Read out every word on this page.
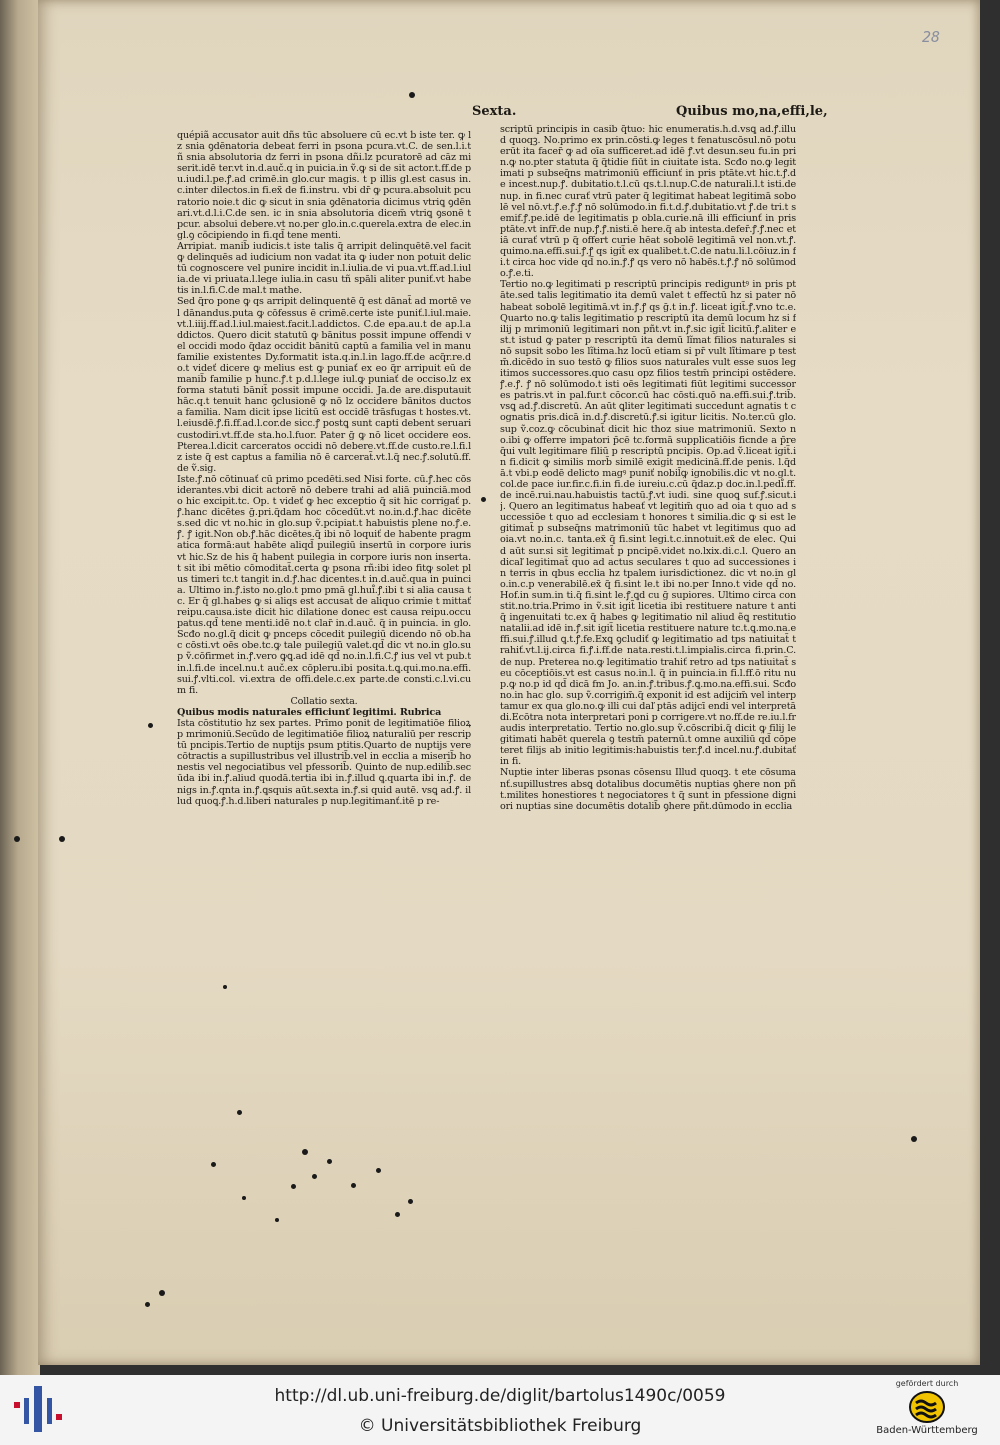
28
Sexta.	Quibus mo,na,effi,le,

quépiã accusator auit dñs tūc absoluere cū ec.vt̃ ḃ iste ter. ꝙ lz snia ꝯdēnatoria debeat ferri in psona pcura.vt.C. de sen.l.i.tñ snia absolutoria dz ferri in psona dñi.lz pcuratorē ad cāz miserit.idē ter.vt in.d.auč.q in puicia.in ṽ.ꝙ si de sit actor.t.ff.de pu.iudi.l.pe.ꝭ.ad crimē.in glo.cur magis. t p illis gl.est casus in.c.inter dilectos.in fi.ex̃ de fi.instru. vbi dr̄ ꝙ pcura.absoluit pcuratorio noie.t dic ꝙ sicut in snia ꝯdēnatoria dicimus vtriꝗ ꝯdēnari.vt.d.l.i.C.de sen. ic in snia absolutoria dicem̃ vtriꝗ ꝯsonē t pcur. absolui debere.vt no.per glo.in.c.querela.extra de elec.in gl.ꝯ cōcipiendo in fi.qd̃ tene menti.

Arripiat. manib̃ iudicis.t iste talis q̃ arripit delinquētē.vel facit ꝙ delinquēs ad iudicium non vadat ita ꝙ iuder non potuit delictū cognoscere vel punire incidit in.l.iulia.de vi pua.vt.ff.ad.l.iulia.de vi priuata.l.lege iulia.in casu tñ spāli aliter puniť.vt habetis in.l.fi.C.de mal.t mathe.

Sed q̃ro pone ꝙ qs arripit delinquentē q̃ est dānat̃ ad mortē vel dānandus.puta ꝙ cōfessus ē crimē.certe iste puniť.l.iul.maie.vt.l.iiij.ff.ad.l.iul.maiest.facit.l.addictos. C.de epa.au.t de ap.l.addictos. Quero dicit statutū ꝙ bānitus possit impune offendi vel occidi modo q̃daz occidit bānitū captū a familia vel in manu familie existentes Dy.formatit ista.q.in.l.in lago.ff.de acq̃r.re.do.t videť dicere ꝙ melius est ꝙ puniať ex eo q̃r arripuit eū de manib̃ familie p hunc.ꝭ.t p.d.l.lege iul.ꝙ puniať de occiso.lz ex forma statuti bānit̃ possit impune occidi. Ja.de are.disputauit hāc.q.t tenuit hanc ꝯclusionē ꝙ nō lz occidere bānitos ductos a familia. Nam dicit ipse licitū est occidē trāsfugas t hostes.vt.l.eiusdē.ꝭ.fi.ff.ad.l.cor.de sicc.ꝭ postꝗ sunt capti debent seruari custodiri.vt.ff.de sta.ho.l.fuor. Pater ḡ ꝙ nō licet occidere eos.Pterea.l.dicit carceratos occidi nō debere.vt.ff.de custo.re.l.fi.lz iste q̃ est captus a familia nō ē carcerat̃.vt.l.q̃ nec.ꝭ.solutū.ff.de ṽ.sig.

Iste.ꝭ.nō cōtinuať cū primo pcedēti.sed Nisi forte. cū.ꝭ.hec cōsiderantes.vbi dicit actorē nō debere trahi ad aliā puinciā.modo hic excipit.tc. Op. t videť ꝙ hec exceptio q̃ sit hic corrigať p.ꝭ.hanc dicētes ḡ.pri.q̃dam hoc cōcedūt.vt no.in.d.ꝭ.hac dicētes.sed dic vt no.hic in glo.sup ṽ.pcipiat.t habuistis plene no.ꝭ.e.ꝭ. ꝭ igit.Non ob.ꝭ.hāc dicētes.q̃ ibi nō loquiť de habente pragmatica formā:aut habēte aliqd̃ puilegiū insertū in corpore iuris vt hic.Sz de his q̃ habent puilegia in corpore iuris non inserta.t sit ibi mētio cōmoditat̃.certa ꝙ psona rñ:ibi ideo fitꝙ solet plus timeri tc.t tangit in.d.ꝭ.hac dicentes.t in.d.auč.qua in puincia. Ultimo in.ꝭ.isto no.glo.t pmo pmā gl.hui̊.ꝭ.ibi t si alia causa tc. Er q̄ gl.habes ꝙ si aliqs est accusat̃ de aliquo crimie t mittať reipu.causa.iste dicit hic dilatione donec est causa reipu.occupatus.qd̃ tene menti.idē no.t clar̃ in.d.auč. q̃ in puincia. in glo. Scđo no.gl.q̃ dicit ꝙ pnceps cōcedit puilegiū dicendo nō ob.hac cōsti.vt oēs obe.tc.ꝙ tale puilegiū valet.qd̃ dic vt no.in glo.sup ṽ.cōfirmet in.ꝭ.vero ꝙꝗ.ad idē qd̃ no.in.l.fi.C.ꝭ ius vel vt pub.t in.l.fi.de incel.nu.t auč.ex cōpleru.ibi posita.t.ꝗ.qui.mo.na.effi.sui.ꝭ.vlti.col. vi.extra de offi.dele.c.ex parte.de consti.c.l.vi.cum fi.

Collatio sexta.

Quibus modis naturales efficiunť legitimi. Rubrica

Ista cōstitutio hz sex partes. Prīmo ponit de legitimatiōe filioꝝ p mrimoniū.Secūdo de legitimatiōe filioꝝ naturaliū per rescriptū pncipis.Tertio de nuptijs psum ptitis.Quarto de nuptijs vere cōtractis a supillustribus vel illustrib̃.vel in ecclia a miserib̃ honestis vel negociatibus vel pfessorib̃. Quinto de nup.edilib̃.secūda ibi in.ꝭ.aliud quodā.tertia ibi in.ꝭ.illud ꝗ.quarta ibi in.ꝭ. denigs in.ꝭ.qnta in.ꝭ.ꝗsquis aūt.sexta in.ꝭ.si quid autē. vsꝗ ad.ꝭ. illud quoꝗ.ꝭ.h.d.liberi naturales p nup.legitimanť.itē p re-

scriptū principis in casib̃ q̃tuo: hic enumeratis.h.d.vsꝗ ad.ꝭ.illud quoqꝫ. No.primo ex prin.cōsti.ꝙ leges t fenatuscōsul.nō potuerūt ita facer̃ ꝙ ad oīa sufficeret.ad idē ꝭ.vt desun.seu fu.in prin.ꝙ no.pter statuta q̃ q̃tidie fiūt in ciuitate ista. Scđo no.ꝙ legitimati p subseq̄ns matrimoniū efficiunť in pris ptāte.vt hic.t.ꝭ.de incest.nup.ꝭ. dubitatio.t.l.cū qs.t.l.nup.C.de naturali.l.t isti.de nup. in fi.nec curať vtrū pater q̃ legitimat habeat legitimā sobolē vel nō.vt.ꝭ.e.ꝭ.ꝭ nō solūmodo.in fi.t.d.ꝭ.dubitatio.vt ꝭ.de tri.t semif.ꝭ.pe.idē de legitimatis p obla.curie.nā illi efficiunť in pris ptāte.vt infr̃.de nup.ꝭ.ꝭ.nisti.ē here.q̃ ab intesta.defer̄.ꝭ.ꝭ.nec etiā curať vtrū p q̃ offert curie hēat sobolē legitimā vel non.vt.ꝭ.quimo.na.effi.sui.ꝭ.ꝭ qs igit̃ ex qualibet.t.C.de natu.li.l.cōiuz.in fi.t circa hoc vide qd̃ no.in.ꝭ.ꝭ qs vero nō habēs.t.ꝭ.ꝭ nō solūmodo.ꝭ.e.ti.

Tertio no.ꝙ legitimati p rescriptū principis rediguntꝰ in pris ptāte.sed talis legitimatio ita demū valet t effectū hz si pater nō habeat sobolē legitimā.vt in.ꝭ.ꝭ qs ḡ.t in.ꝭ. liceat igit̃.ꝭ.vno tc.e. Quarto no.ꝙ talis legitimatio p rescriptū ita demū locum hz si filij p mrimoniū legitimari non pñt.vt in.ꝭ.sic igit̃ licitū.ꝭ.aliter est.t istud ꝙ pater p rescriptū ita demū lĩmat filios naturales si nō supsit sobo les lĩtima.hz locū etiam si pr̄ vult lĩtimare p testm̄.dicēdo in suo testō ꝙ filios suos naturales vult esse suos legitimos successores.quo casu opz filios testm̄ principi ostēdere.ꝭ.e.ꝭ. ꝭ nō solūmodo.t isti oēs legitimati fiūt legitimi successores patris.vt in pal.fur.t cōcor.cū hac cōsti.quō na.effi.sui.ꝭ.trib̃.vsꝗ ad.ꝭ.discretū. An aūt ꝗliter legitimati succedunt agnatis t cognatis pris.dicā in.d.ꝭ.discretū.ꝭ.si igitur licitis. No.ter.cū glo.sup ṽ.coz.ꝙ cōcubinat̃ dicit hic thoz siue matrimoniū. Sexto no.ibi ꝙ offerre impatori p̄cē tc.formā supplicatiōis ficnde a p̄re q̄ui vult legitimare filiū p rescriptū pncipis. Op.ad ṽ.liceat igit̃.in fi.dicit ꝙ similis morb̃ similē exigit medicinā.ff.de penis. l.q̃dā.t vbi.p eodē delicto magꝰ puniť nobil̃ꝙ ignobilis.dic vt no.gl.t.col.de pace iur.fir.c.fi.in fi.de iureiu.c.cū q̃daz.p doc.in.l.pedi̊.ff.de incē.rui.nau.habuistis tactū.ꝭ.vt iudi. sine quoꝗ suf.ꝭ.sicut.ij. Quero an legitimatus habeať vt legitim̃ quo ad oia t quo ad successiōe t quo ad ecclesiam t honores t similia.dic ꝙ si est legitimat̃ p subseq̄ns matrimoniū tūc habet vt legitimus quo ad oia.vt no.in.c. tanta.ex̃ q̃ fi.sint legi.t.c.innotuit.ex̃ de elec. Quid aūt sur.si sit legitimat̃ p pncipē.videt no.lxix.di.c.l. Quero an dicaľ legitimat̃ quo ad actus seculares t quo ad successiones in terris in qbus ecclia hz tpalem iurisdictionez. dic vt no.in glo.in.c.p venerabilē.ex̃ q̃ fi.sint le.t ibi no.per Inno.t vide qd̃ no.Hof.in sum.in ti.q̃ fi.sint le.ꝭ.ꝗd cu ḡ supiores. Ultimo circa constit.no.tria.Primo in ṽ.sit igit̃ licetia ibi restituere nature t antiq̄ ingenuitati tc.ex q̄ habes ꝙ legitimatio nil aliud ẽꝗ restitutio natalii.ad idē in.ꝭ.sit igit̃ licetia restituere nature tc.t.ꝗ.mo.na.effi.sui.ꝭ.illud ꝗ.t.ꝭ.fe.Exꝗ ꝯcludiť ꝙ legitimatio ad tps natiuitat̃ trahiť.vt.l.ij.circa fi.ꝭ.i.ff.de nata.resti.t.l.impialis.circa fi.prin.C.de nup. Preterea no.ꝙ legitimatio trahiť retro ad tps natiuitat̃ seu cōceptiōis.vt est casus no.in.l. q̃ in puincia.in fi.l.ff.ō ritu nup.ꝙ no.p id qd̃ dicā fm Jo. an.in.ꝭ.tribus.ꝭ.ꝗ.mo.na.effi.sui. Scđo no.in hac glo. sup ṽ.corrigim̃.q̃ exponit id est adijcim̃ vel interptamur ex qua glo.no.ꝙ illi cui daľ ptās adijcī endi vel interpretādi.Ecōtra nota interpretari poni p corrigere.vt no.ff.de re.iu.l.fraudis interpretatio. Tertio no.glo.sup ṽ.cōscribi.q̃ dicit ꝙ filij legitimati habēt querela ꝯ testm̄ paternū.t omne auxiliū qd̃ cōpeteret filijs ab initio legitimis:habuistis ter.ꝭ.d incel.nu.ꝭ.dubitať in fi.

Nuptie inter liberas psonas cōsensu Illud quoqꝫ. t ete cōsumanť.supillustres absꝗ dotalibus documētis nuptias ꝯhere non pñt.milites honestiores t negociatores t q̃ sunt in pfessione digniori nuptias sine documētis dotalib̃ ꝯhere pñt.dūmodo in ecclia

http://dl.ub.uni-freiburg.de/diglit/bartolus1490c/0059
© Universitätsbibliothek Freiburg
gefördert durch
Baden-Württemberg
